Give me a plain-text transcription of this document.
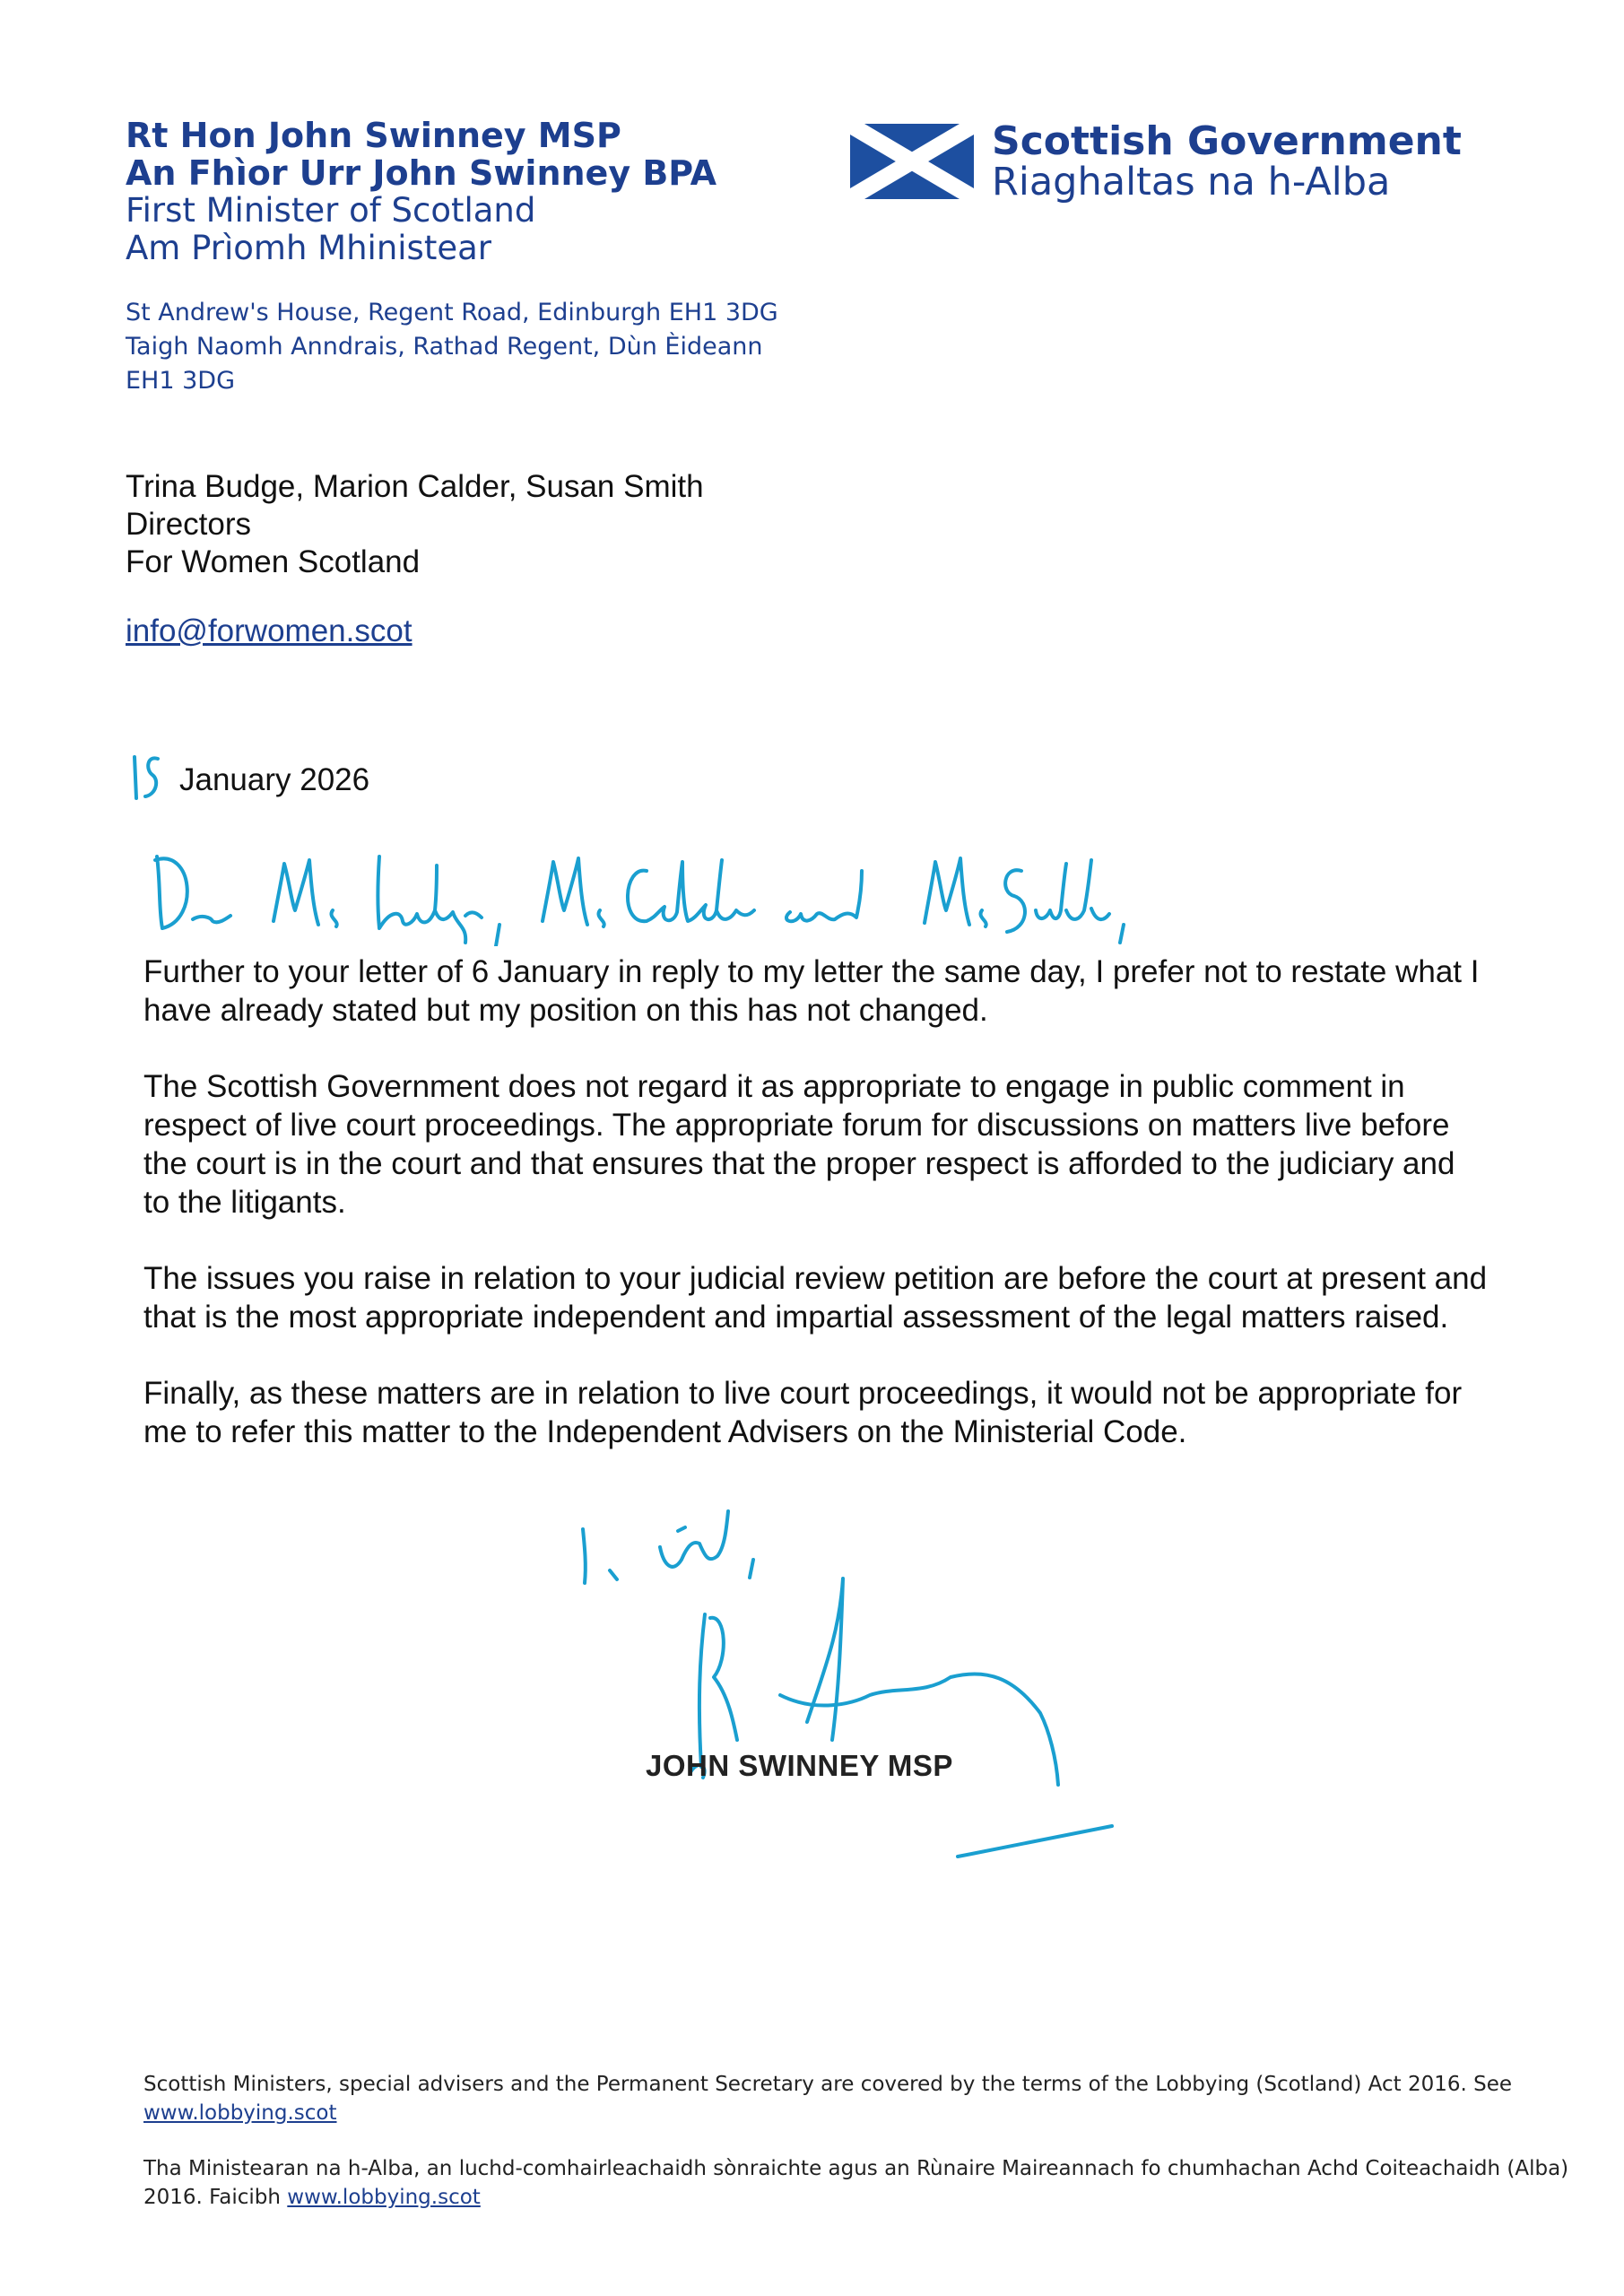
Rt Hon John Swinney MSP
An Fhìor Urr John Swinney BPA
First Minister of Scotland
Am Prìomh Mhinistear
Scottish Government
Riaghaltas na h-Alba
St Andrew's House, Regent Road, Edinburgh EH1 3DG
Taigh Naomh Anndrais, Rathad Regent, Dùn Èideann
EH1 3DG
Trina Budge, Marion Calder, Susan Smith
Directors
For Women Scotland
info@forwomen.scot
January 2026

Further to your letter of 6 January in reply to my letter the same day, I prefer not to restate what I have already stated but my position on this has not changed.

The Scottish Government does not regard it as appropriate to engage in public comment in respect of live court proceedings. The appropriate forum for discussions on matters live before the court is in the court and that ensures that the proper respect is afforded to the judiciary and to the litigants.

The issues you raise in relation to your judicial review petition are before the court at present and that is the most appropriate independent and impartial assessment of the legal matters raised.

Finally, as these matters are in relation to live court proceedings, it would not be appropriate for me to refer this matter to the Independent Advisers on the Ministerial Code.

JOHN SWINNEY MSP

Scottish Ministers, special advisers and the Permanent Secretary are covered by the terms of the Lobbying (Scotland) Act 2016. See www.lobbying.scot

Tha Ministearan na h-Alba, an luchd-comhairleachaidh sònraichte agus an Rùnaire Maireannach fo chumhachan Achd Coiteachaidh (Alba) 2016. Faicibh www.lobbying.scot
